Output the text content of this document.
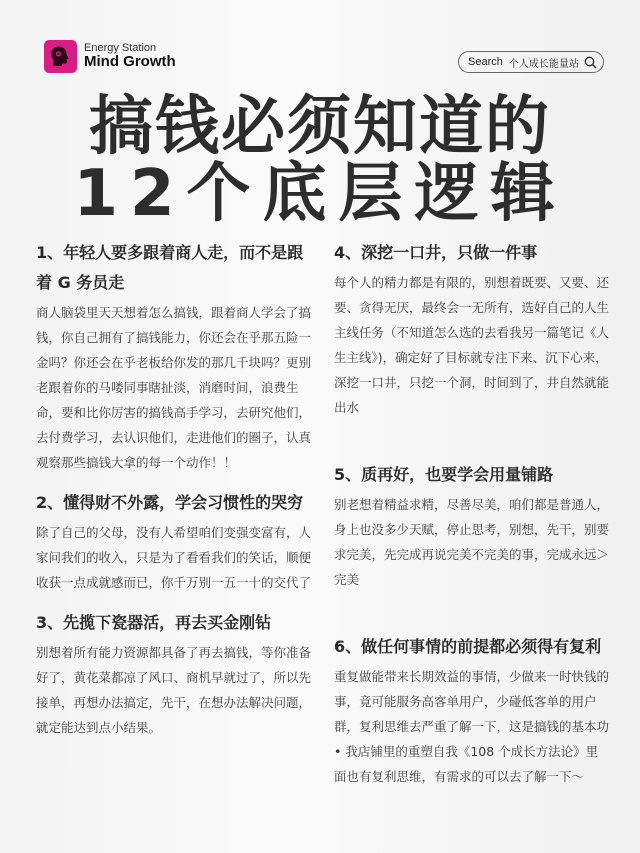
Energy Station
Mind Growth	Search 个人成长能量站
搞钱必须知道的
12个底层逻辑
1、年轻人要多跟着商人走，而不是跟着 G 务员走

商人脑袋里天天想着怎么搞钱，跟着商人学会了搞钱，你自己拥有了搞钱能力，你还会在乎那五险一金吗？你还会在乎老板给你发的那几千块吗？更别老跟着你的马喽同事瞎扯淡，消磨时间，浪费生命，要和比你厉害的搞钱高手学习，去研究他们，去付费学习，去认识他们，走进他们的圈子，认真观察那些搞钱大拿的每一个动作！！

2、懂得财不外露，学会习惯性的哭穷

除了自己的父母，没有人希望咱们变强变富有，人家问我们的收入，只是为了看看我们的笑话，顺便收获一点成就感而已，你千万别一五一十的交代了

3、先揽下瓷器活，再去买金刚钻

别想着所有能力资源都具备了再去搞钱，等你准备好了，黄花菜都凉了风口、商机早就过了，所以先接单，再想办法搞定，先干，在想办法解决问题，就定能达到点小结果。

4、深挖一口井，只做一件事

每个人的精力都是有限的，别想着既要、又要、还要、贪得无厌，最终会一无所有，选好自己的人生主线任务（不知道怎么选的去看我另一篇笔记《人生主线》)，确定好了目标就专注下来、沉下心来，深挖一口井，只挖一个洞，时间到了，井自然就能出水

5、质再好，也要学会用量铺路

别老想着精益求精，尽善尽美，咱们都是普通人，身上也没多少天赋，停止思考，别想，先干，别要求完美，先完成再说完美不完美的事，完成永远＞完美

6、做任何事情的前提都必须得有复利

重复做能带来长期效益的事情，少做来一时快钱的事，竟可能服务高客单用户，少碰低客单的用户群，复利思维去严重了解一下，这是搞钱的基本功 • 我店铺里的重塑自我《108 个成长方法论》里面也有复利思维，有需求的可以去了解一下～
